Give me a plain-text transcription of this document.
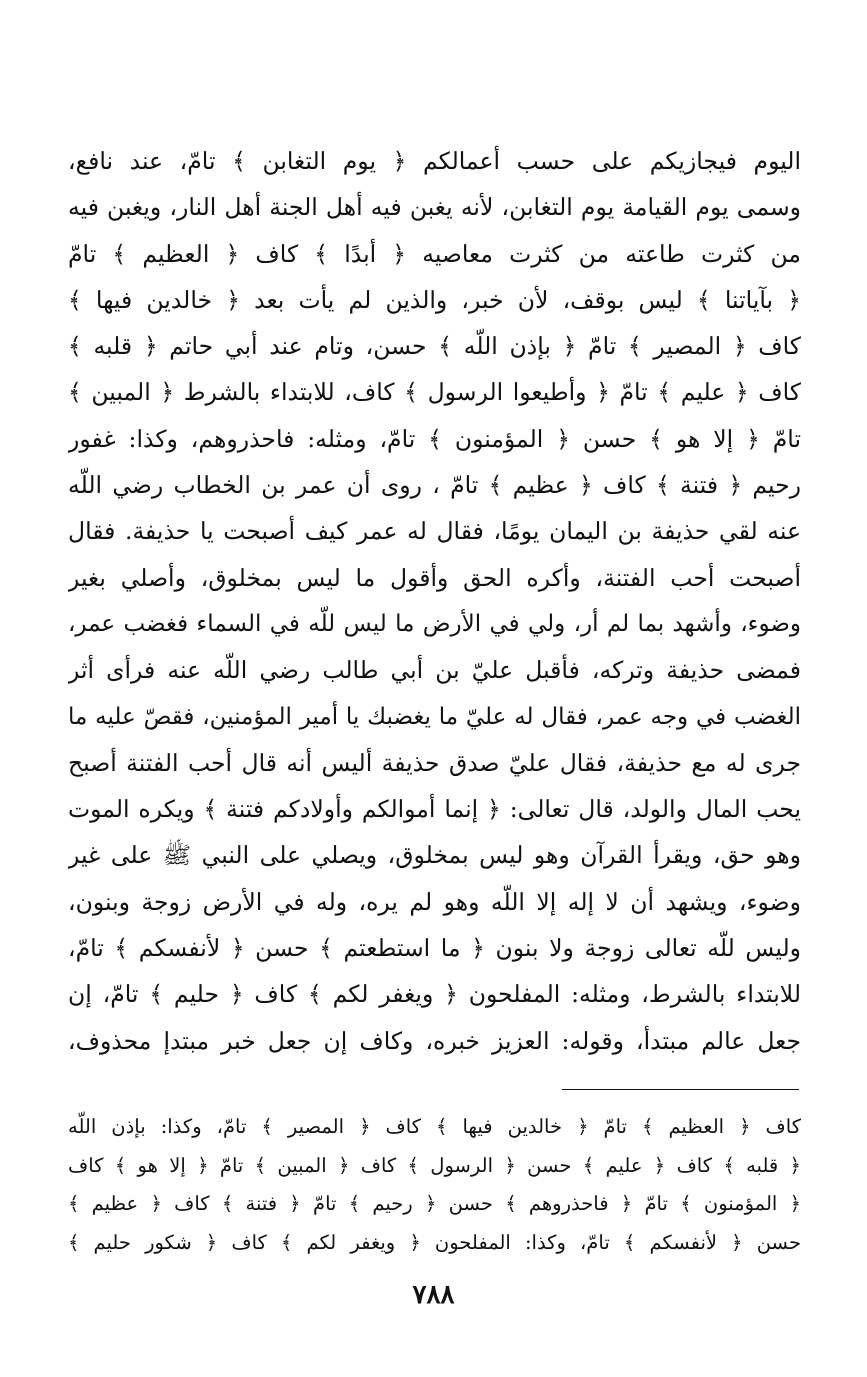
اليوم فيجازيكم على حسب أعمالكم ﴿ يوم التغابن ﴾ تامّ، عند نافع،
وسمى يوم القيامة يوم التغابن، لأنه يغبن فيه أهل الجنة أهل النار، ويغبن فيه
من كثرت طاعته من كثرت معاصيه ﴿ أبدًا ﴾ كاف ﴿ العظيم ﴾ تامّ
﴿ بآياتنا ﴾ ليس بوقف، لأن خبر، والذين لم يأت بعد ﴿ خالدين فيها ﴾
كاف ﴿ المصير ﴾ تامّ ﴿ بإذن اللّه ﴾ حسن، وتام عند أبي حاتم ﴿ قلبه ﴾
كاف ﴿ عليم ﴾ تامّ ﴿ وأطيعوا الرسول ﴾ كاف، للابتداء بالشرط ﴿ المبين ﴾
تامّ ﴿ إلا هو ﴾ حسن ﴿ المؤمنون ﴾ تامّ، ومثله: فاحذروهم، وكذا: غفور
رحيم ﴿ فتنة ﴾ كاف ﴿ عظيم ﴾ تامّ ، روى أن عمر بن الخطاب رضي اللّه
عنه لقي حذيفة بن اليمان يومًا، فقال له عمر كيف أصبحت يا حذيفة. فقال
أصبحت أحب الفتنة، وأكره الحق وأقول ما ليس بمخلوق، وأصلي بغير
وضوء، وأشهد بما لم أر، ولي في الأرض ما ليس للّه في السماء فغضب عمر،
فمضى حذيفة وتركه، فأقبل عليّ بن أبي طالب رضي اللّه عنه فرأى أثر
الغضب في وجه عمر، فقال له عليّ ما يغضبك يا أمير المؤمنين، فقصّ عليه ما
جرى له مع حذيفة، فقال عليّ صدق حذيفة أليس أنه قال أحب الفتنة أصبح
يحب المال والولد، قال تعالى: ﴿ إنما أموالكم وأولادكم فتنة ﴾ ويكره الموت
وهو حق، ويقرأ القرآن وهو ليس بمخلوق، ويصلي على النبي ﷺ على غير
وضوء، ويشهد أن لا إله إلا اللّه وهو لم يره، وله في الأرض زوجة وبنون،
وليس للّه تعالى زوجة ولا بنون ﴿ ما استطعتم ﴾ حسن ﴿ لأنفسكم ﴾ تامّ،
للابتداء بالشرط، ومثله: المفلحون ﴿ ويغفر لكم ﴾ كاف ﴿ حليم ﴾ تامّ، إن
جعل عالم مبتدأ، وقوله: العزيز خبره، وكاف إن جعل خبر مبتدإ محذوف،
كاف ﴿ العظيم ﴾ تامّ ﴿ خالدين فيها ﴾ كاف ﴿ المصير ﴾ تامّ، وكذا: بإذن اللّه
﴿ قلبه ﴾ كاف ﴿ عليم ﴾ حسن ﴿ الرسول ﴾ كاف ﴿ المبين ﴾ تامّ ﴿ إلا هو ﴾ كاف
﴿ المؤمنون ﴾ تامّ ﴿ فاحذروهم ﴾ حسن ﴿ رحيم ﴾ تامّ ﴿ فتنة ﴾ كاف ﴿ عظيم ﴾
حسن ﴿ لأنفسكم ﴾ تامّ، وكذا: المفلحون ﴿ ويغفر لكم ﴾ كاف ﴿ شكور حليم ﴾
٧٨٨
